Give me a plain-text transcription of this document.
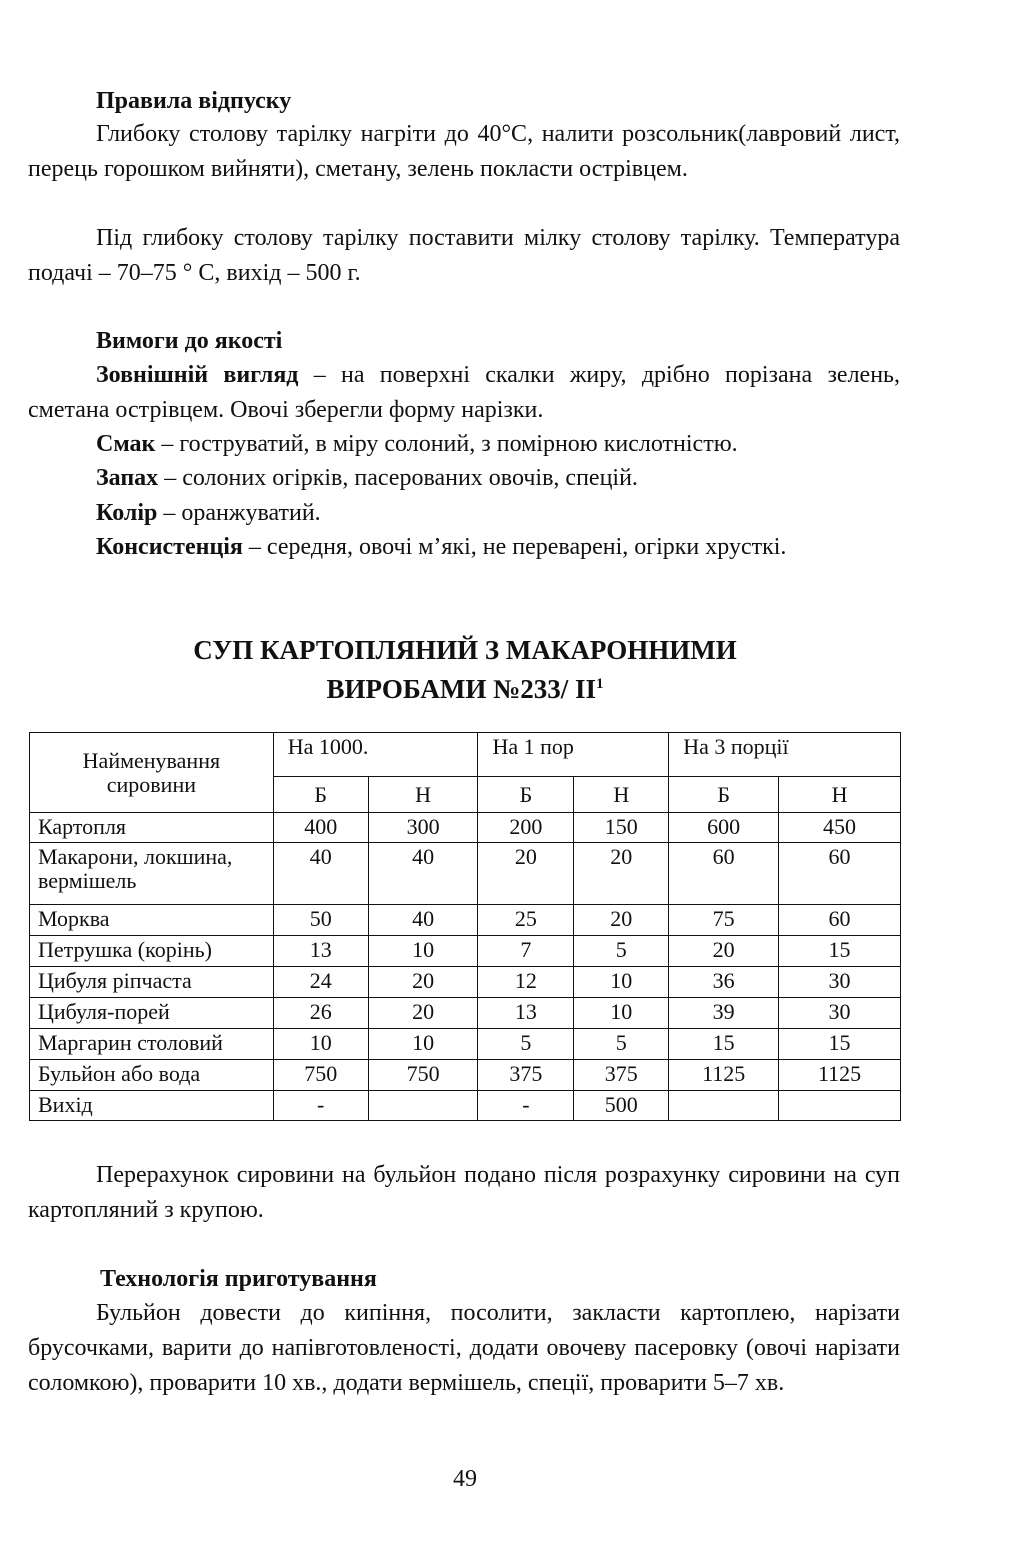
Правила відпуску

Глибоку столову тарілку нагріти до 40°С, налити розсольник(лавровий лист, перець горошком вийняти), сметану, зелень покласти острівцем.

Під глибоку столову тарілку поставити мілку столову тарілку. Температура подачі – 70–75 ° С, вихід – 500 г.

Вимоги до якості

Зовнішній вигляд – на поверхні скалки жиру, дрібно порізана зелень, сметана острівцем. Овочі зберегли форму нарізки.

Смак – гоструватий, в міру солоний, з помірною кислотністю.

Запах – солоних огірків, пасерованих овочів, спецій.

Колір – оранжуватий.

Консистенція – середня, овочі м’які, не переварені, огірки хрусткі.

СУП КАРТОПЛЯНИЙ З МАКАРОННИМИ
ВИРОБАМИ №233/ $ІІ^1$
Найменування сировини	На 1000.		На 1 пор		На 3 порції	
	Б	Н	Б	Н	Б	Н
Картопля	400	300	200	150	600	450
Макарони, локшина, вермішель	40	40	20	20	60	60
Морква	50	40	25	20	75	60
Петрушка (корінь)	13	10	7	5	20	15
Цибуля ріпчаста	24	20	12	10	36	30
Цибуля-порей	26	20	13	10	39	30
Маргарин столовий	10	10	5	5	15	15
Бульйон або вода	750	750	375	375	1125	1125
Вихід	-		-	500		

Перерахунок сировини на бульйон подано після розрахунку сировини на суп картопляний з крупою.

Технологія приготування

Бульйон довести до кипіння, посолити, закласти картоплею, нарізати брусочками, варити до напівготовленості, додати овочеву пасеровку (овочі нарізати соломкою), проварити 10 хв., додати вермішель, спеції, проварити 5–7 хв.

49
